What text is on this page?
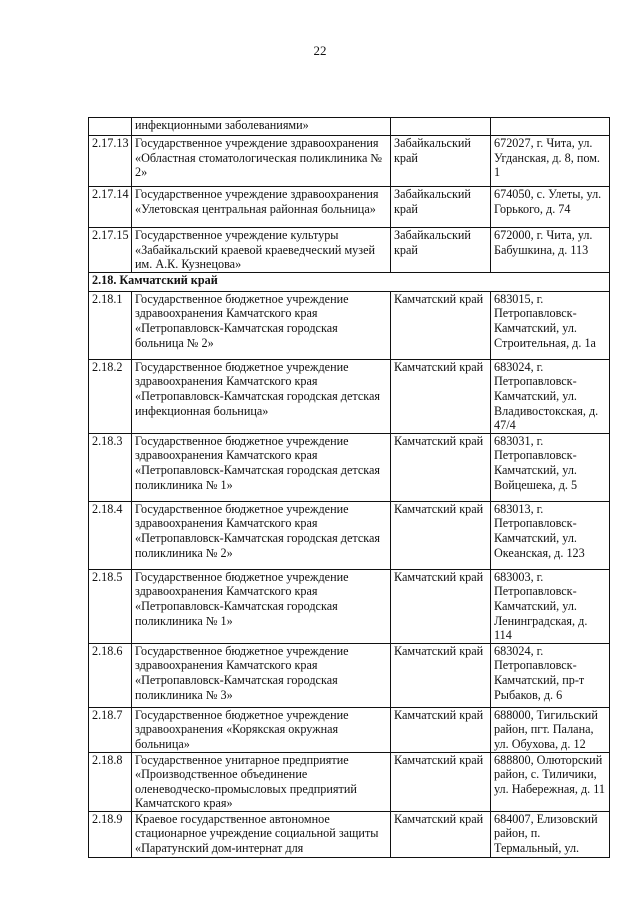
22
	инфекционными заболеваниями»		
2.17.13	Государственное учреждение здравоохранения «Областная стоматологическая поликлиника № 2»	Забайкальский край	672027, г. Чита, ул. Угданская, д. 8, пом. 1
2.17.14	Государственное учреждение здравоохранения «Улетовская центральная районная больница»	Забайкальский край	674050, с. Улеты, ул. Горького, д. 74
2.17.15	Государственное учреждение культуры «Забайкальский краевой краеведческий музей им. А.К. Кузнецова»	Забайкальский край	672000, г. Чита, ул. Бабушкина, д. 113
2.18. Камчатский край			
2.18.1	Государственное бюджетное учреждение здравоохранения Камчатского края «Петропавловск-Камчатская городская больница № 2»	Камчатский край	683015, г. Петропавловск-Камчатский, ул. Строительная, д. 1а
2.18.2	Государственное бюджетное учреждение здравоохранения Камчатского края «Петропавловск-Камчатская городская детская инфекционная больница»	Камчатский край	683024, г. Петропавловск-Камчатский, ул. Владивостокская, д. 47/4
2.18.3	Государственное бюджетное учреждение здравоохранения Камчатского края «Петропавловск-Камчатская городская детская поликлиника № 1»	Камчатский край	683031, г. Петропавловск-Камчатский, ул. Войцешека, д. 5
2.18.4	Государственное бюджетное учреждение здравоохранения Камчатского края «Петропавловск-Камчатская городская детская поликлиника № 2»	Камчатский край	683013, г. Петропавловск-Камчатский, ул. Океанская, д. 123
2.18.5	Государственное бюджетное учреждение здравоохранения Камчатского края «Петропавловск-Камчатская городская поликлиника № 1»	Камчатский край	683003, г. Петропавловск-Камчатский, ул. Ленинградская, д. 114
2.18.6	Государственное бюджетное учреждение здравоохранения Камчатского края «Петропавловск-Камчатская городская поликлиника № 3»	Камчатский край	683024, г. Петропавловск-Камчатский, пр-т Рыбаков, д. 6
2.18.7	Государственное бюджетное учреждение здравоохранения «Корякская окружная больница»	Камчатский край	688000, Тигильский район, пгт. Палана, ул. Обухова, д. 12
2.18.8	Государственное унитарное предприятие «Производственное объединение оленеводческо-промысловых предприятий Камчатского края»	Камчатский край	688800, Олюторский район, с. Тиличики, ул. Набережная, д. 11
2.18.9	Краевое государственное автономное стационарное учреждение социальной защиты «Паратунский дом-интернат для	Камчатский край	684007, Елизовский район, п. Термальный, ул.
